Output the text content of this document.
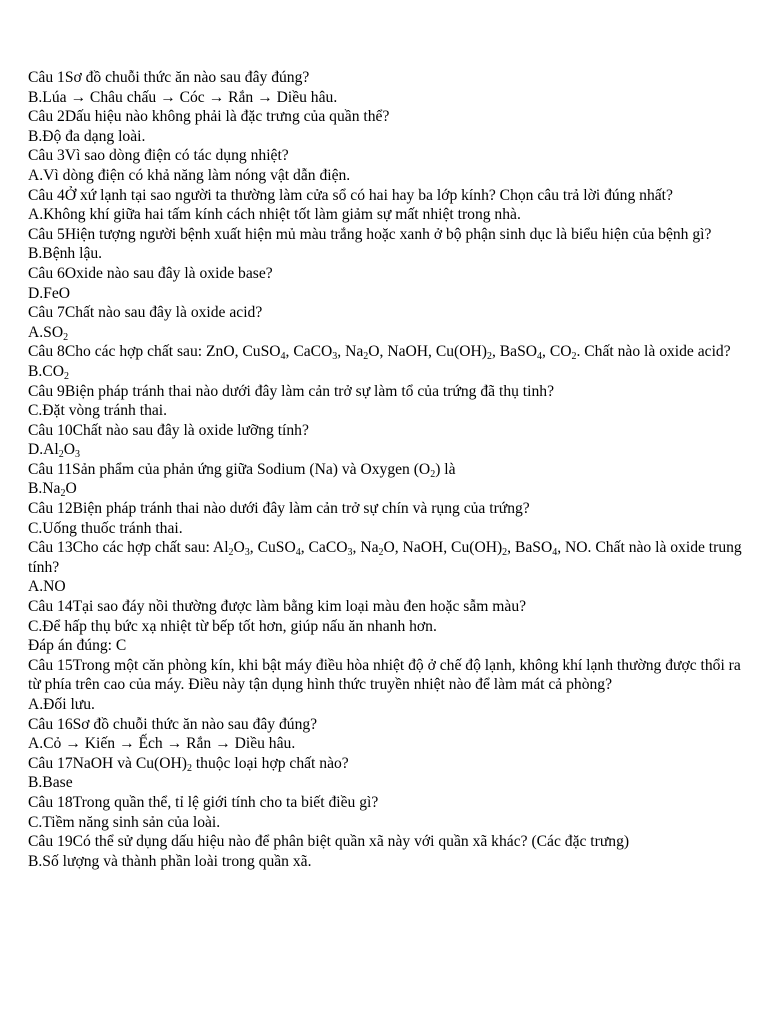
Câu 1Sơ đồ chuỗi thức ăn nào sau đây đúng?

B.Lúa → Châu chấu → Cóc → Rắn → Diều hâu.

Câu 2Dấu hiệu nào không phải là đặc trưng của quần thể?

B.Độ đa dạng loài.

Câu 3Vì sao dòng điện có tác dụng nhiệt?

A.Vì dòng điện có khả năng làm nóng vật dẫn điện.

Câu 4Ở xứ lạnh tại sao người ta thường làm cửa sổ có hai hay ba lớp kính? Chọn câu trả lời đúng nhất?

A.Không khí giữa hai tấm kính cách nhiệt tốt làm giảm sự mất nhiệt trong nhà.

Câu 5Hiện tượng người bệnh xuất hiện mủ màu trắng hoặc xanh ở bộ phận sinh dục là biểu hiện của bệnh gì?

B.Bệnh lậu.

Câu 6Oxide nào sau đây là oxide base?

D.FeO

Câu 7Chất nào sau đây là oxide acid?

$A.SO_2$

Câu 8Cho các hợp chất sau: ZnO, CuSO$_4$, CaCO$_3$, $Na_2O$, NaOH, $Cu(OH)_2$, BaSO$_4$, $CO_2$. Chất nào là oxide acid?

$B.CO_2$

Câu 9Biện pháp tránh thai nào dưới đây làm cản trở sự làm tổ của trứng đã thụ tinh?

C.Đặt vòng tránh thai.

Câu 10Chất nào sau đây là oxide lưỡng tính?

$D.Al_2O_3$

Câu 11Sản phẩm của phản ứng giữa Sodium (Na) và Oxygen $(O_2)$ là

$B.Na_2O$

Câu 12Biện pháp tránh thai nào dưới đây làm cản trở sự chín và rụng của trứng?

C.Uống thuốc tránh thai.

Câu 13Cho các hợp chất sau: $Al_2O_3$, CuSO$_4$, CaCO$_3$, $Na_2O$, NaOH, $Cu(OH)_2$, BaSO$_4$, NO. Chất nào là oxide trung tính?

A.NO

Câu 14Tại sao đáy nồi thường được làm bằng kim loại màu đen hoặc sẫm màu?

C.Để hấp thụ bức xạ nhiệt từ bếp tốt hơn, giúp nấu ăn nhanh hơn.

Đáp án đúng: C

Câu 15Trong một căn phòng kín, khi bật máy điều hòa nhiệt độ ở chế độ lạnh, không khí lạnh thường được thổi ra từ phía trên cao của máy. Điều này tận dụng hình thức truyền nhiệt nào để làm mát cả phòng?

A.Đối lưu.

Câu 16Sơ đồ chuỗi thức ăn nào sau đây đúng?

A.Cỏ → Kiến → Ếch → Rắn → Diều hâu.

Câu 17NaOH và $Cu(OH)_2$ thuộc loại hợp chất nào?

B.Base

Câu 18Trong quần thể, tỉ lệ giới tính cho ta biết điều gì?

C.Tiềm năng sinh sản của loài.

Câu 19Có thể sử dụng dấu hiệu nào để phân biệt quần xã này với quần xã khác? (Các đặc trưng)

B.Số lượng và thành phần loài trong quần xã.
